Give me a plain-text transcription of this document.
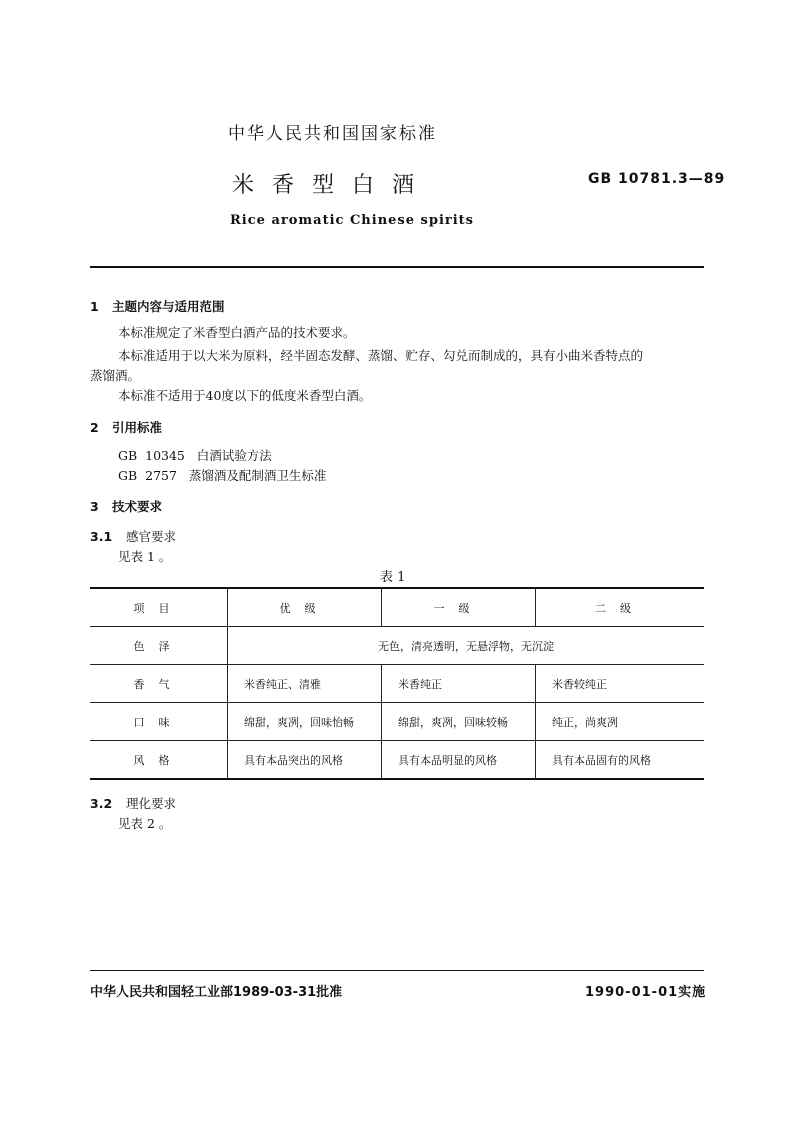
中华人民共和国国家标准
米香型白酒	GB 10781.3—89
Rice aromatic Chinese spirits
1 主题内容与适用范围
本标准规定了米香型白酒产品的技术要求。
本标准适用于以大米为原料，经半固态发酵、蒸馏、贮存、勾兑而制成的，具有小曲米香特点的
蒸馏酒。
本标准不适用于40度以下的低度米香型白酒。
2 引用标准
GB  10345   白酒试验方法
GB  2757   蒸馏酒及配制酒卫生标准
3 技术要求
3.1 感官要求
见表 1 。
表 1
项目	优级	一级	二级
色泽	无色，清亮透明，无悬浮物，无沉淀		
香气	米香纯正、清雅	米香纯正	米香较纯正
口味	绵甜，爽冽，回味怡畅	绵甜，爽冽，回味较畅	纯正，尚爽冽
风格	具有本品突出的风格	具有本品明显的风格	具有本品固有的风格
3.2 理化要求
见表 2 。
中华人民共和国轻工业部1989-03-31批准	1990-01-01实施
